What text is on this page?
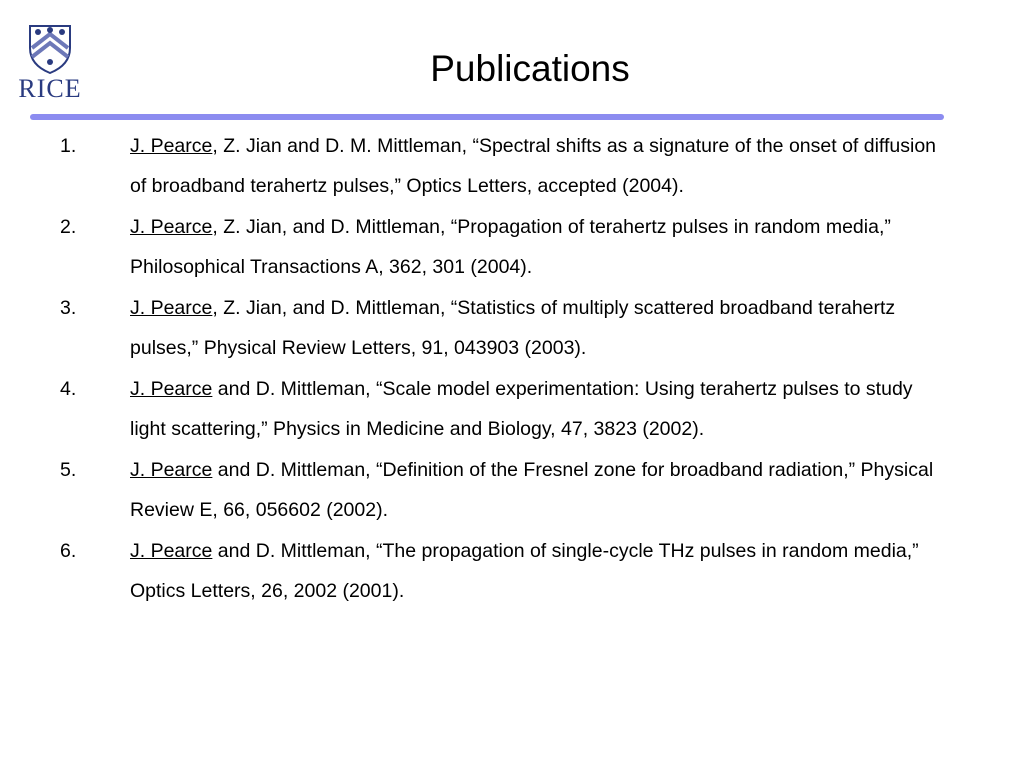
RICE	Publications
1.	J. Pearce, Z. Jian and D. M. Mittleman, “Spectral shifts as a signature of the onset of diffusion of broadband terahertz pulses,” Optics Letters, accepted (2004).
2.	J. Pearce, Z. Jian, and D. Mittleman, “Propagation of terahertz pulses in random media,” Philosophical Transactions A, 362, 301 (2004).
3.	J. Pearce, Z. Jian, and D. Mittleman, “Statistics of multiply scattered broadband terahertz pulses,” Physical Review Letters, 91, 043903 (2003).
4.	J. Pearce and D. Mittleman, “Scale model experimentation: Using terahertz pulses to study light scattering,” Physics in Medicine and Biology, 47, 3823 (2002).
5.	J. Pearce and D. Mittleman, “Definition of the Fresnel zone for broadband radiation,” Physical Review E, 66, 056602 (2002).
6.	J. Pearce and D. Mittleman, “The propagation of single-cycle THz pulses in random media,” Optics Letters, 26, 2002 (2001).
